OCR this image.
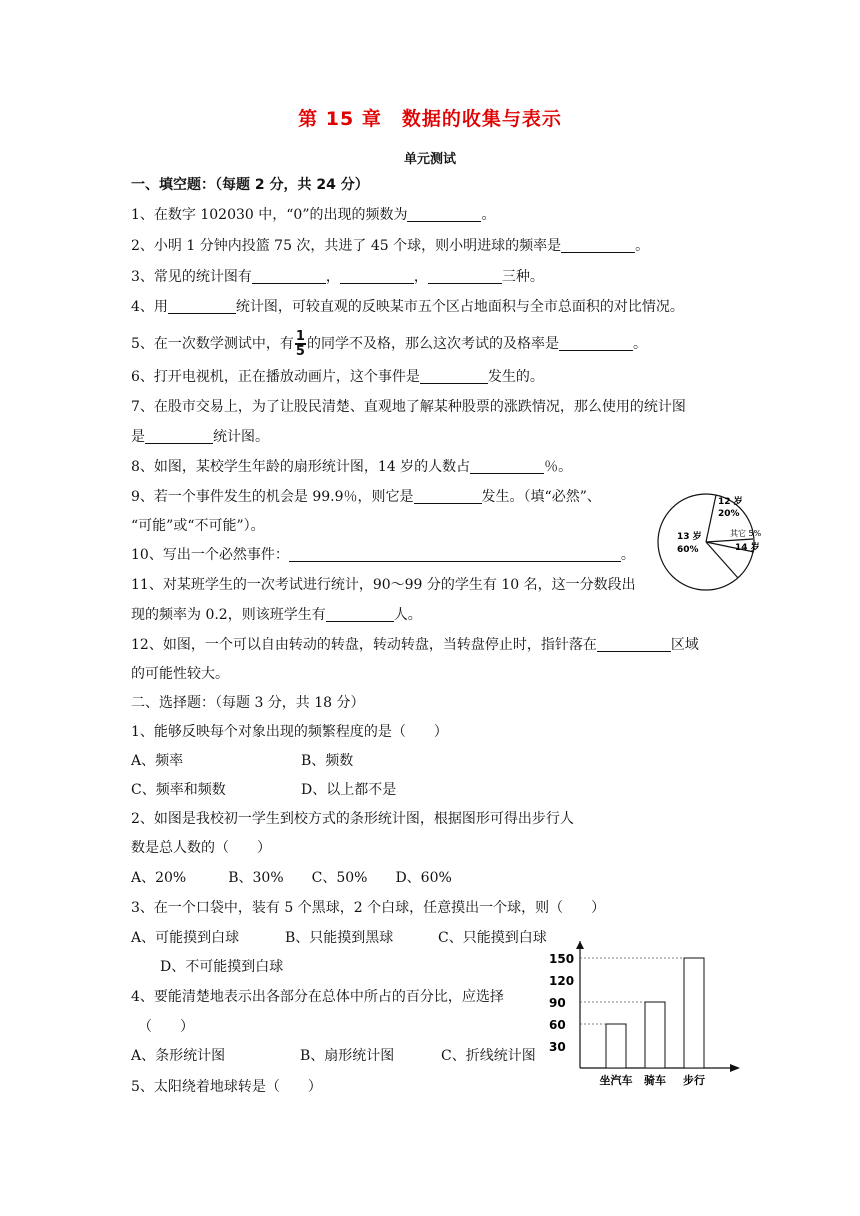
第 15 章　数据的收集与表示
单元测试
一、填空题：（每题 2 分，共 24 分）
1、在数字 102030 中，“0”的出现的频数为	。
2、小明 1 分钟内投篮 75 次，共进了 45 个球，则小明进球的频率是	。
3、常见的统计图有	，	，	三种。
4、用	统计图，可较直观的反映某市五个区占地面积与全市总面积的对比情况。
5、在一次数学测试中，有 $\frac{1}{5}$ 的同学不及格，那么这次考试的及格率是	。
6、打开电视机，正在播放动画片，这个事件是	发生的。
7、在股市交易上，为了让股民清楚、直观地了解某种股票的涨跌情况，那么使用的统计图
是	统计图。
8、如图，某校学生年龄的扇形统计图，14 岁的人数占	％。
9、若一个事件发生的机会是 99.9％，则它是	发生。（填“必然”、
“可能”或“不可能”）。
10、写出一个必然事件：	。
11、对某班学生的一次考试进行统计，90～99 分的学生有 10 名，这一分数段出
现的频率为 0.2，则该班学生有	人。
12、如图，一个可以自由转动的转盘，转动转盘，当转盘停止时，指针落在	区域
的可能性较大。
二、选择题：（每题 3 分，共 18 分）
1、能够反映每个对象出现的频繁程度的是（　　）
A、频率	B、频数
C、频率和频数	D、以上都不是
2、如图是我校初一学生到校方式的条形统计图，根据图形可得出步行人
数是总人数的（　　）
A、20%　　　B、30%　　C、50%　　D、60%
3、在一个口袋中，装有 5 个黑球，2 个白球，任意摸出一个球，则（　　）
A、可能摸到白球	B、只能摸到黑球	C、只能摸到白球
D、不可能摸到白球
4、要能清楚地表示出各部分在总体中所占的百分比，应选择
（　　）
A、条形统计图	B、扇形统计图	C、折线统计图
5、太阳绕着地球转是（　　）
12 岁
20%
其它 5%
14 岁
13 岁
60%
150
120
90
60
30
坐汽车 骑车 步行
